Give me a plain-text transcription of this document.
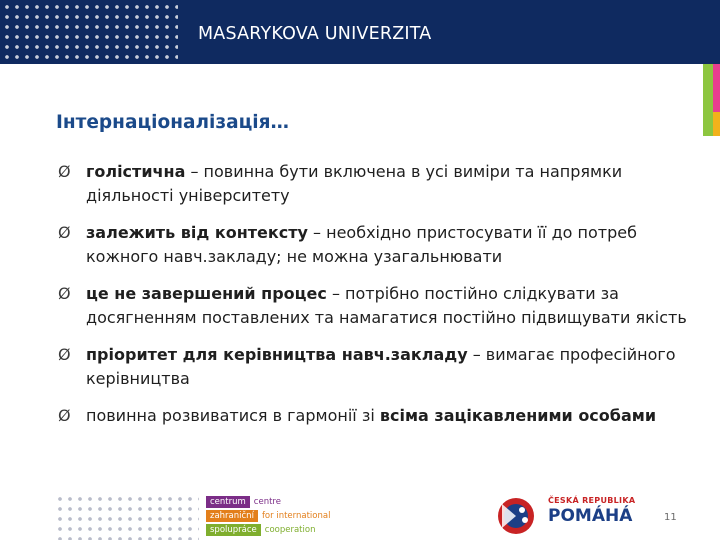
MASARYKOVA UNIVERZITA
Інтернаціоналізація…
Ø голістична – повинна бути включена в усі виміри та напрямки діяльності університету
Ø залежить від контексту – необхідно пристосувати її до потреб кожного навч.закладу; не можна узагальнювати
Ø це не завершений процес – потрібно постійно слідкувати за досягненням поставлених та намагатися постійно підвищувати якість
Ø пріоритет для керівництва навч.закладу – вимагає професійного керівництва
Ø повинна розвиватися в гармонії зі всіма зацікавленими особами
centrum centre
zahraniční for international
spolupráce cooperation
ČESKÁ REPUBLIKA
POMÁHÁ	11
